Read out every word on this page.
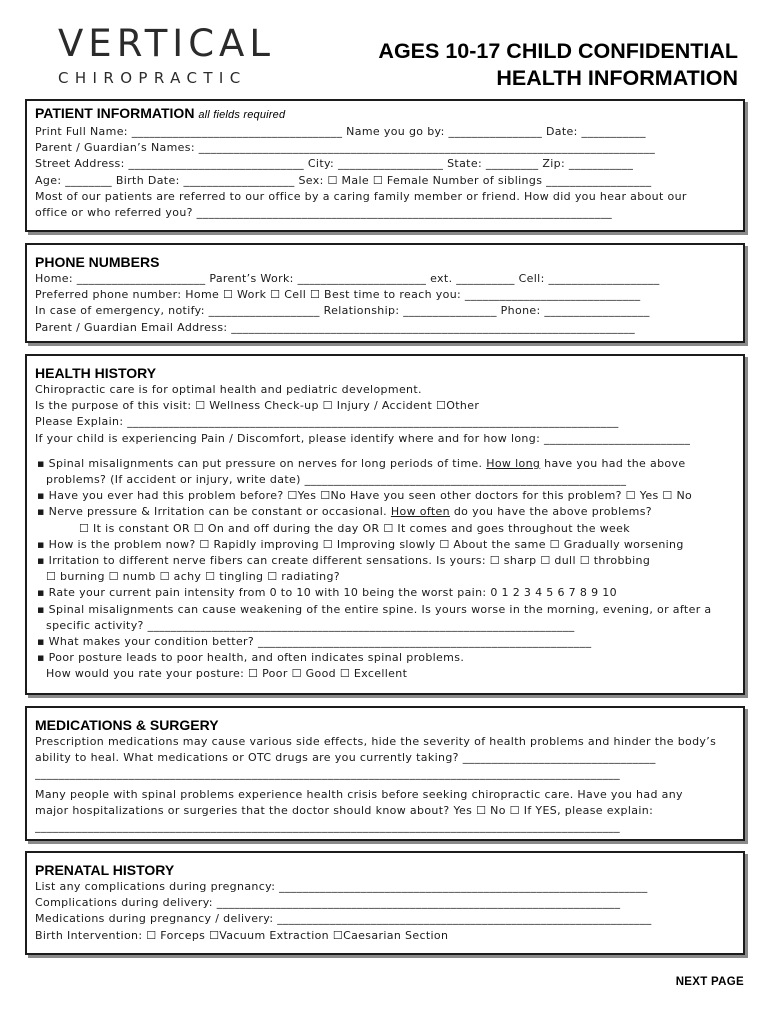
VERTICAL
CHIROPRACTIC
AGES 10-17 CHILD CONFIDENTIAL
HEALTH INFORMATION
PATIENT INFORMATION all fields required
Print Full Name: ____________________________________ Name you go by: ________________ Date: ___________
Parent / Guardian’s Names: ______________________________________________________________________________
Street Address: ______________________________ City: __________________ State: _________ Zip: ___________
Age: ________ Birth Date: ___________________ Sex: ☐ Male ☐ Female Number of siblings __________________
Most of our patients are referred to our office by a caring family member or friend. How did you hear about our
office or who referred you? _______________________________________________________________________
PHONE NUMBERS
Home: ______________________ Parent’s Work: ______________________ ext. __________ Cell: ___________________
Preferred phone number: Home ☐ Work ☐ Cell ☐ Best time to reach you: ______________________________
In case of emergency, notify: ___________________ Relationship: ________________ Phone: __________________
Parent / Guardian Email Address: _____________________________________________________________________
HEALTH HISTORY
Chiropractic care is for optimal health and pediatric development.
Is the purpose of this visit: ☐ Wellness Check-up ☐ Injury / Accident ☐Other
Please Explain: ____________________________________________________________________________________
If your child is experiencing Pain / Discomfort, please identify where and for how long: _________________________
▪ Spinal misalignments can put pressure on nerves for long periods of time. How long have you had the above
problems? (If accident or injury, write date) _______________________________________________________
▪ Have you ever had this problem before? ☐Yes ☐No Have you seen other doctors for this problem? ☐ Yes ☐ No
▪ Nerve pressure & Irritation can be constant or occasional. How often do you have the above problems?
☐ It is constant OR ☐ On and off during the day OR ☐ It comes and goes throughout the week
▪ How is the problem now? ☐ Rapidly improving ☐ Improving slowly ☐ About the same ☐ Gradually worsening
▪ Irritation to different nerve fibers can create different sensations. Is yours: ☐ sharp ☐ dull ☐ throbbing
☐ burning ☐ numb ☐ achy ☐ tingling ☐ radiating?
▪ Rate your current pain intensity from 0 to 10 with 10 being the worst pain: 0 1 2 3 4 5 6 7 8 9 10
▪ Spinal misalignments can cause weakening of the entire spine. Is yours worse in the morning, evening, or after a
specific activity? _________________________________________________________________________
▪ What makes your condition better? _________________________________________________________
▪ Poor posture leads to poor health, and often indicates spinal problems.
How would you rate your posture: ☐ Poor ☐ Good ☐ Excellent
MEDICATIONS & SURGERY
Prescription medications may cause various side effects, hide the severity of health problems and hinder the body’s
ability to heal. What medications or OTC drugs are you currently taking? _________________________________
____________________________________________________________________________________________________
Many people with spinal problems experience health crisis before seeking chiropractic care. Have you had any
major hospitalizations or surgeries that the doctor should know about? Yes ☐ No ☐ If YES, please explain:
____________________________________________________________________________________________________
PRENATAL HISTORY
List any complications during pregnancy: _______________________________________________________________
Complications during delivery: _____________________________________________________________________
Medications during pregnancy / delivery: ________________________________________________________________
Birth Intervention: ☐ Forceps ☐Vacuum Extraction ☐Caesarian Section
NEXT PAGE
